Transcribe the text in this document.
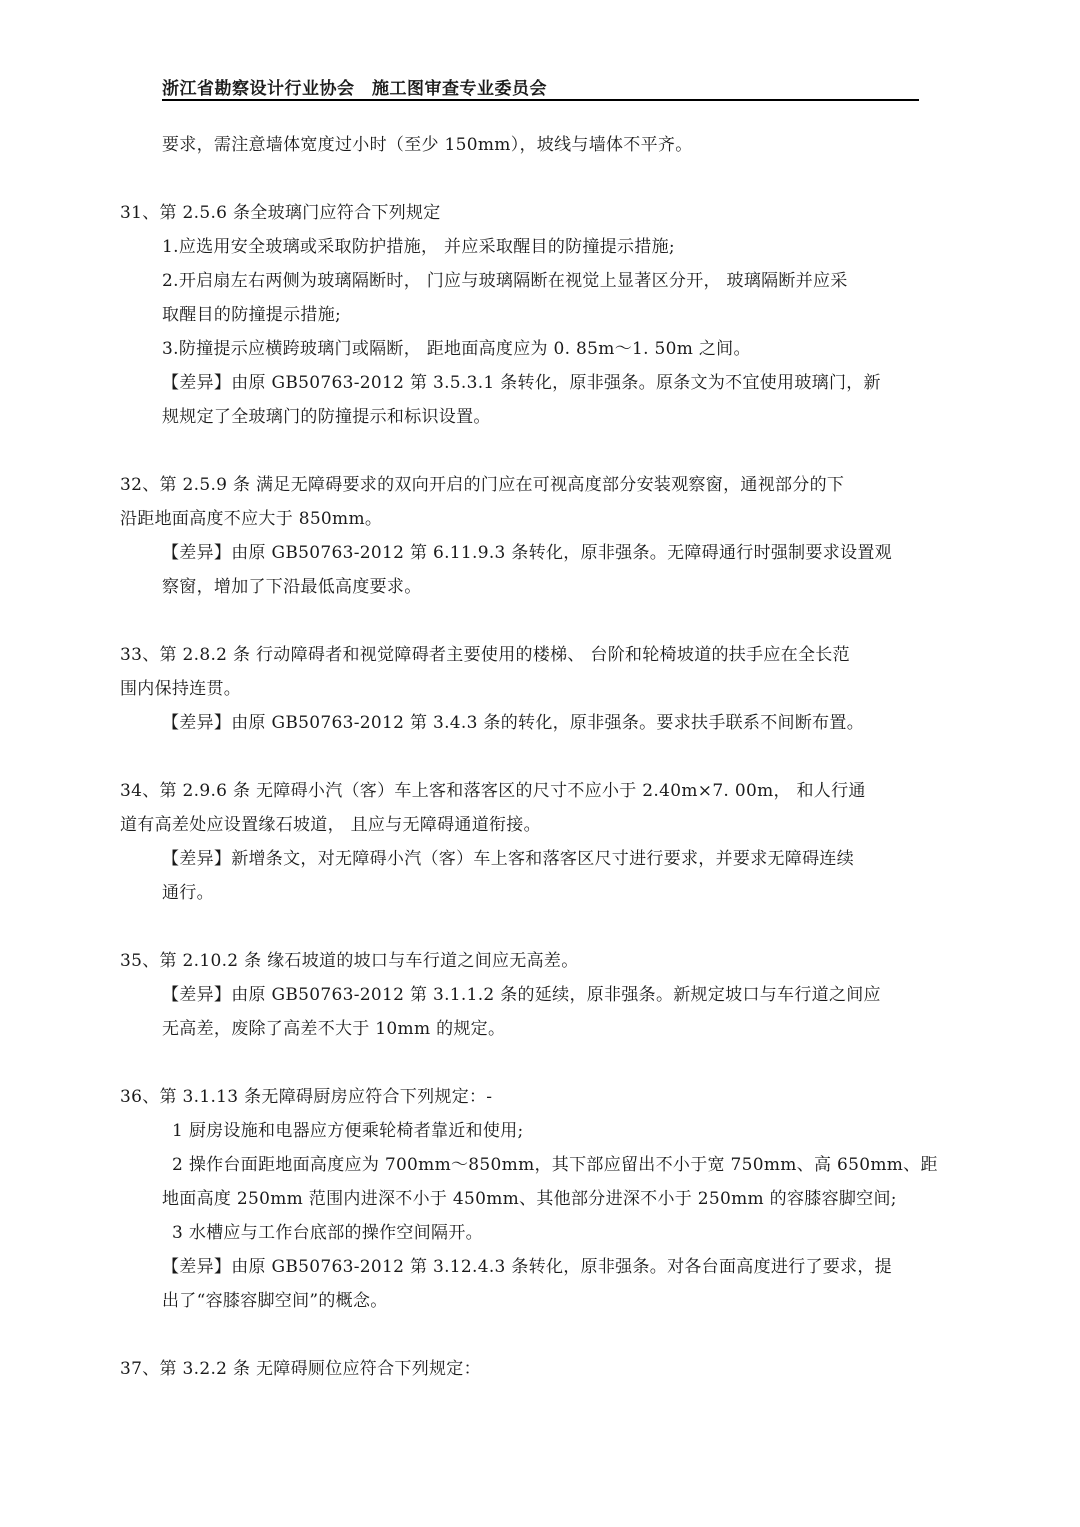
浙江省勘察设计行业协会　施工图审查专业委员会
要求，需注意墙体宽度过小时（至少 150mm），坡线与墙体不平齐。
31、第 2.5.6 条全玻璃门应符合下列规定
1.应选用安全玻璃或采取防护措施， 并应采取醒目的防撞提示措施;
2.开启扇左右两侧为玻璃隔断时， 门应与玻璃隔断在视觉上显著区分开， 玻璃隔断并应采
取醒目的防撞提示措施;
3.防撞提示应横跨玻璃门或隔断， 距地面高度应为 0. 85m～1. 50m 之间。
【差异】由原 GB50763-2012 第 3.5.3.1 条转化，原非强条。原条文为不宜使用玻璃门，新
规规定了全玻璃门的防撞提示和标识设置。
32、第 2.5.9 条 满足无障碍要求的双向开启的门应在可视高度部分安装观察窗，通视部分的下
沿距地面高度不应大于 850mm。
【差异】由原 GB50763-2012 第 6.11.9.3 条转化，原非强条。无障碍通行时强制要求设置观
察窗，增加了下沿最低高度要求。
33、第 2.8.2 条 行动障碍者和视觉障碍者主要使用的楼梯、 台阶和轮椅坡道的扶手应在全长范
围内保持连贯。
【差异】由原 GB50763-2012 第 3.4.3 条的转化，原非强条。要求扶手联系不间断布置。
34、第 2.9.6 条 无障碍小汽（客）车上客和落客区的尺寸不应小于 2.40m×7. 00m， 和人行通
道有高差处应设置缘石坡道， 且应与无障碍通道衔接。
【差异】新增条文，对无障碍小汽（客）车上客和落客区尺寸进行要求，并要求无障碍连续
通行。
35、第 2.10.2 条 缘石坡道的坡口与车行道之间应无高差。
【差异】由原 GB50763-2012 第 3.1.1.2 条的延续，原非强条。新规定坡口与车行道之间应
无高差，废除了高差不大于 10mm 的规定。
36、第 3.1.13 条无障碍厨房应符合下列规定：-
1 厨房设施和电器应方便乘轮椅者靠近和使用;
2 操作台面距地面高度应为 700mm～850mm，其下部应留出不小于宽 750mm、高 650mm、距
地面高度 250mm 范围内进深不小于 450mm、其他部分进深不小于 250mm 的容膝容脚空间;
3 水槽应与工作台底部的操作空间隔开。
【差异】由原 GB50763-2012 第 3.12.4.3 条转化，原非强条。对各台面高度进行了要求，提
出了“容膝容脚空间”的概念。
37、第 3.2.2 条 无障碍厕位应符合下列规定：
